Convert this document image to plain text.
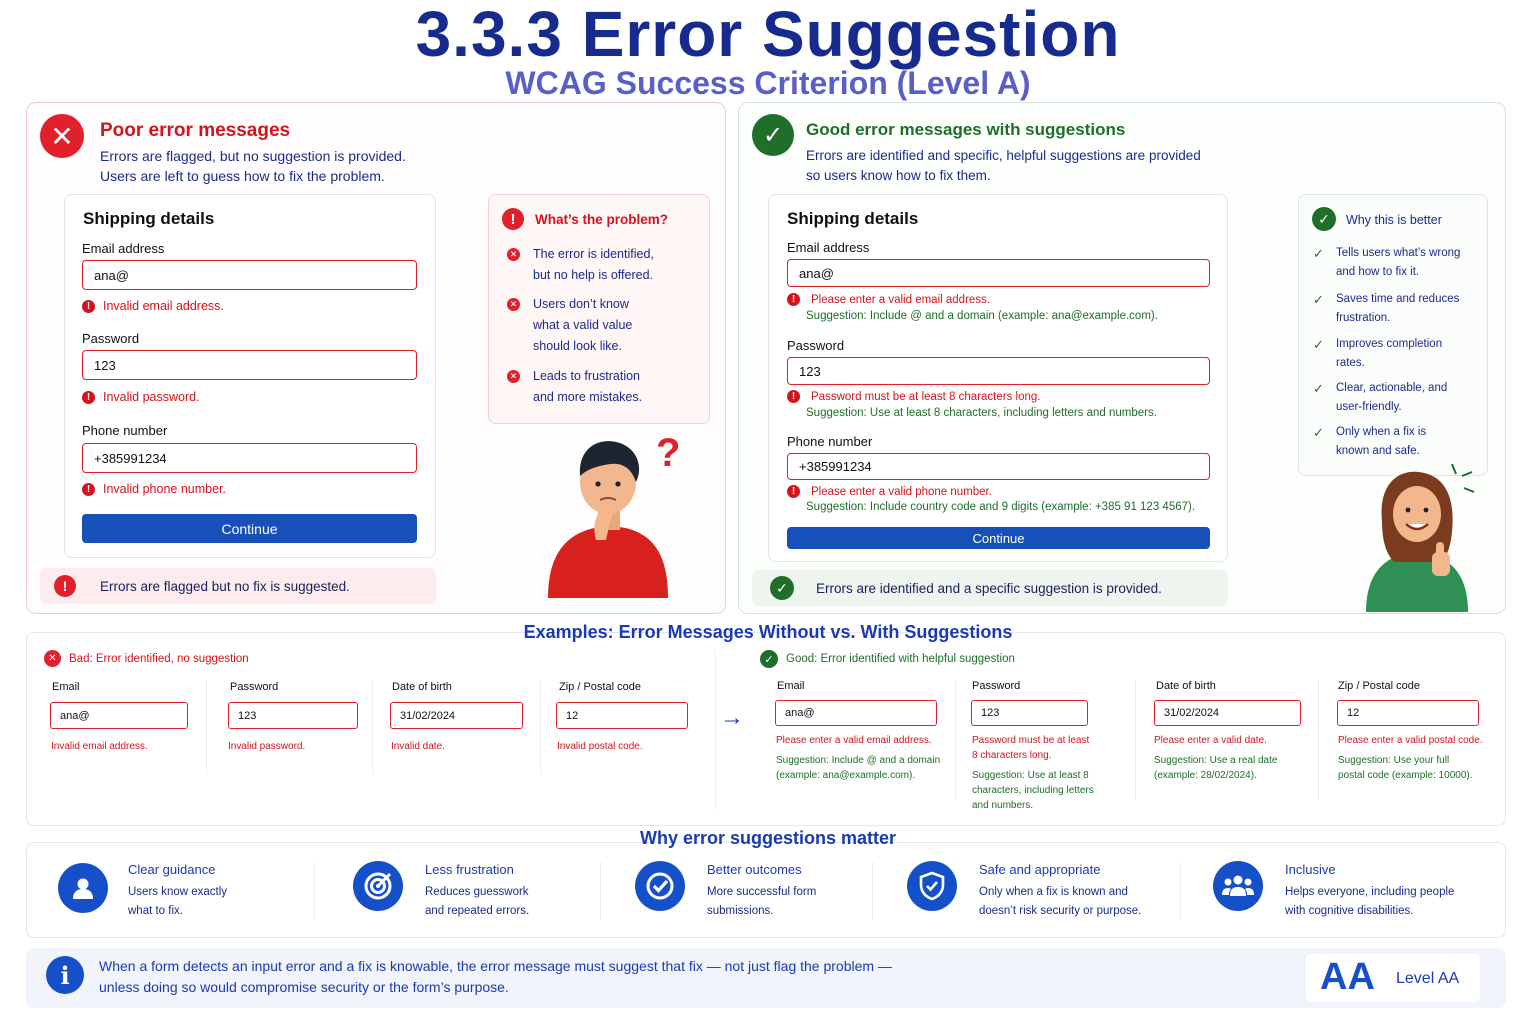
3.3.3 Error Suggestion
WCAG Success Criterion (Level A)
✕	Poor error messages
Errors are flagged, but no suggestion is provided.
Users are left to guess how to fix the problem.
Shipping details
Email address
ana@
!	Invalid email address.
Password
123
!	Invalid password.
Phone number
+385991234
!	Invalid phone number.
Continue
!	What’s the problem?
✕ The error is identified,
but no help is offered.
✕ Users don’t know
what a valid value
should look like.
✕ Leads to frustration
and more mistakes.
?
!	Errors are flagged but no fix is suggested.
✓	Good error messages with suggestions
Errors are identified and specific, helpful suggestions are provided
so users know how to fix them.
Shipping details
Email address
ana@
!	Please enter a valid email address.
Suggestion: Include @ and a domain (example: ana@example.com).
Password
123
!	Password must be at least 8 characters long.
Suggestion: Use at least 8 characters, including letters and numbers.
Phone number
+385991234
!	Please enter a valid phone number.
Suggestion: Include country code and 9 digits (example: +385 91 123 4567).
Continue
✓	Why this is better
✓ Tells users what’s wrong
and how to fix it.
✓ Saves time and reduces
frustration.
✓ Improves completion
rates.
✓ Clear, actionable, and
user-friendly.
✓ Only when a fix is
known and safe.
✓	Errors are identified and a specific suggestion is provided.
Examples: Error Messages Without vs. With Suggestions
✕	Bad: Error identified, no suggestion
Email
ana@
Invalid email address.
Password
123
Invalid password.
Date of birth
31/02/2024
Invalid date.
Zip / Postal code
12
Invalid postal code.
→
✓	Good: Error identified with helpful suggestion
Email
ana@
Please enter a valid email address.
Suggestion: Include @ and a domain
(example: ana@example.com).
Password
123
Password must be at least
8 characters long.
Suggestion: Use at least 8
characters, including letters
and numbers.
Date of birth
31/02/2024
Please enter a valid date.
Suggestion: Use a real date
(example: 28/02/2024).
Zip / Postal code
12
Please enter a valid postal code.
Suggestion: Use your full
postal code (example: 10000).
Why error suggestions matter
Clear guidance
Users know exactly
what to fix.
Less frustration
Reduces guesswork
and repeated errors.
Better outcomes
More successful form
submissions.
Safe and appropriate
Only when a fix is known and
doesn’t risk security or purpose.
Inclusive
Helps everyone, including people
with cognitive disabilities.
i	When a form detects an input error and a fix is knowable, the error message must suggest that fix — not just flag the problem —
unless doing so would compromise security or the form’s purpose.	AA Level AA
